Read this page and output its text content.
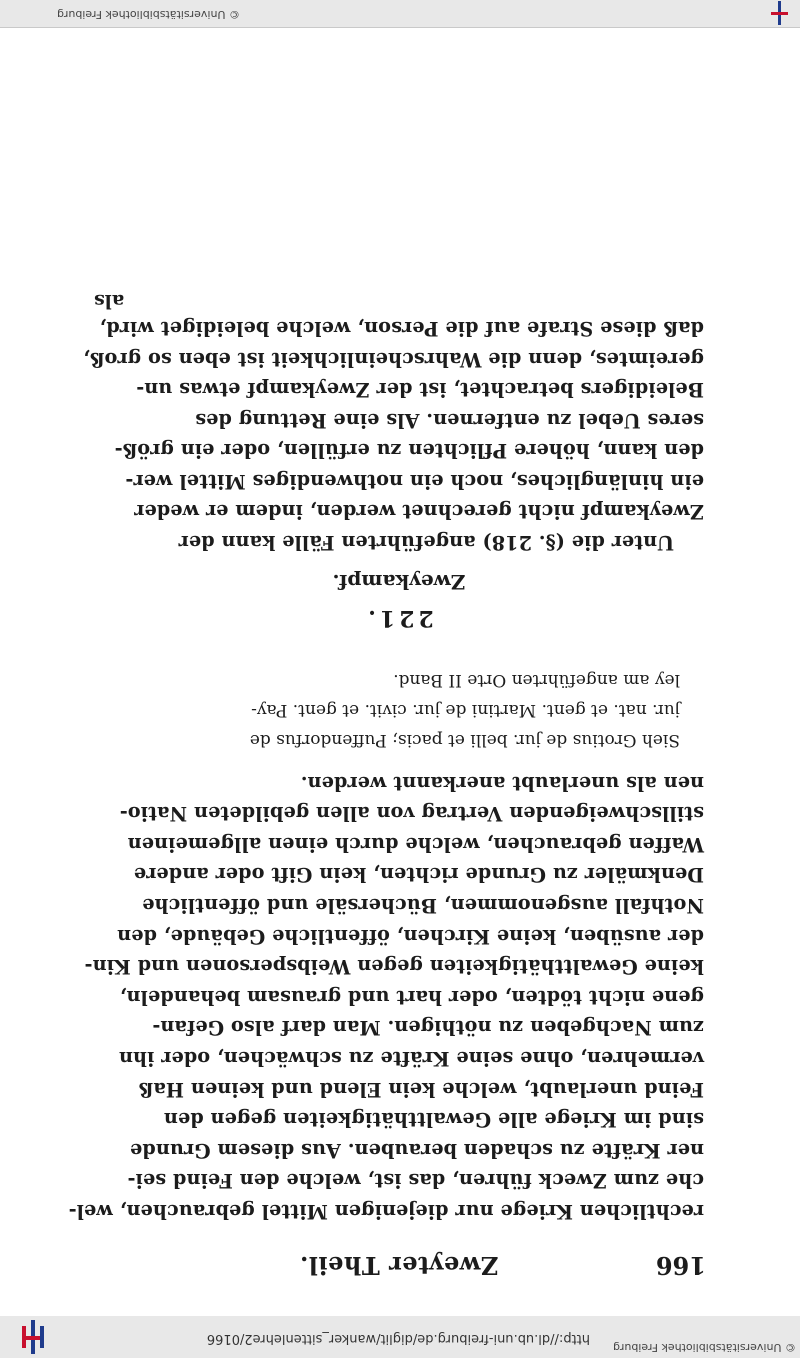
http://dl.ub.uni-freiburg.de/diglit/wanker_sittenlehre2/0166
© Universitätsbibliothek Freiburg
166
Zweyter Theil.
rechtlichen Kriege nur diejenigen Mittel gebrauchen, wel-
che zum Zweck führen, das ist, welche den Feind sei-
ner Kräfte zu schaden berauben. Aus diesem Grunde
sind im Kriege alle Gewaltthätigkeiten gegen den
Feind unerlaubt, welche kein Elend und keinen Haß
vermehren, ohne seine Kräfte zu schwächen, oder ihn
zum Nachgeben zu nöthigen. Man darf also Gefan-
gene nicht tödten, oder hart und grausam behandeln,
keine Gewaltthätigkeiten gegen Weibspersonen und Kin-
der ausüben, keine Kirchen, öffentliche Gebäude, den
Nothfall ausgenommen, Büchersäle und öffentliche
Denkmäler zu Grunde richten, kein Gift oder andere
Waffen gebrauchen, welche durch einen allgemeinen
stillschweigenden Vertrag von allen gebildeten Natio-
nen als unerlaubt anerkannt werden.
Sieh Grotius de jur. belli et pacis; Puffendorfus de
jur. nat. et gent. Martini de jur. civit. et gent. Pay-
ley am angeführten Orte II Band.
221.
Zweykampf.
Unter die (§. 218) angeführten Fälle kann der
Zweykampf nicht gerechnet werden, indem er weder
ein hinlängliches, noch ein nothwendiges Mittel wer-
den kann, höhere Pflichten zu erfüllen, oder ein größ-
seres Uebel zu entfernen. Als eine Rettung des
Beleidigers betrachtet, ist der Zweykampf etwas un-
gereimtes, denn die Wahrscheinlichkeit ist eben so groß,
daß diese Strafe auf die Person, welche beleidiget wird,
als
© Universitätsbibliothek Freiburg
